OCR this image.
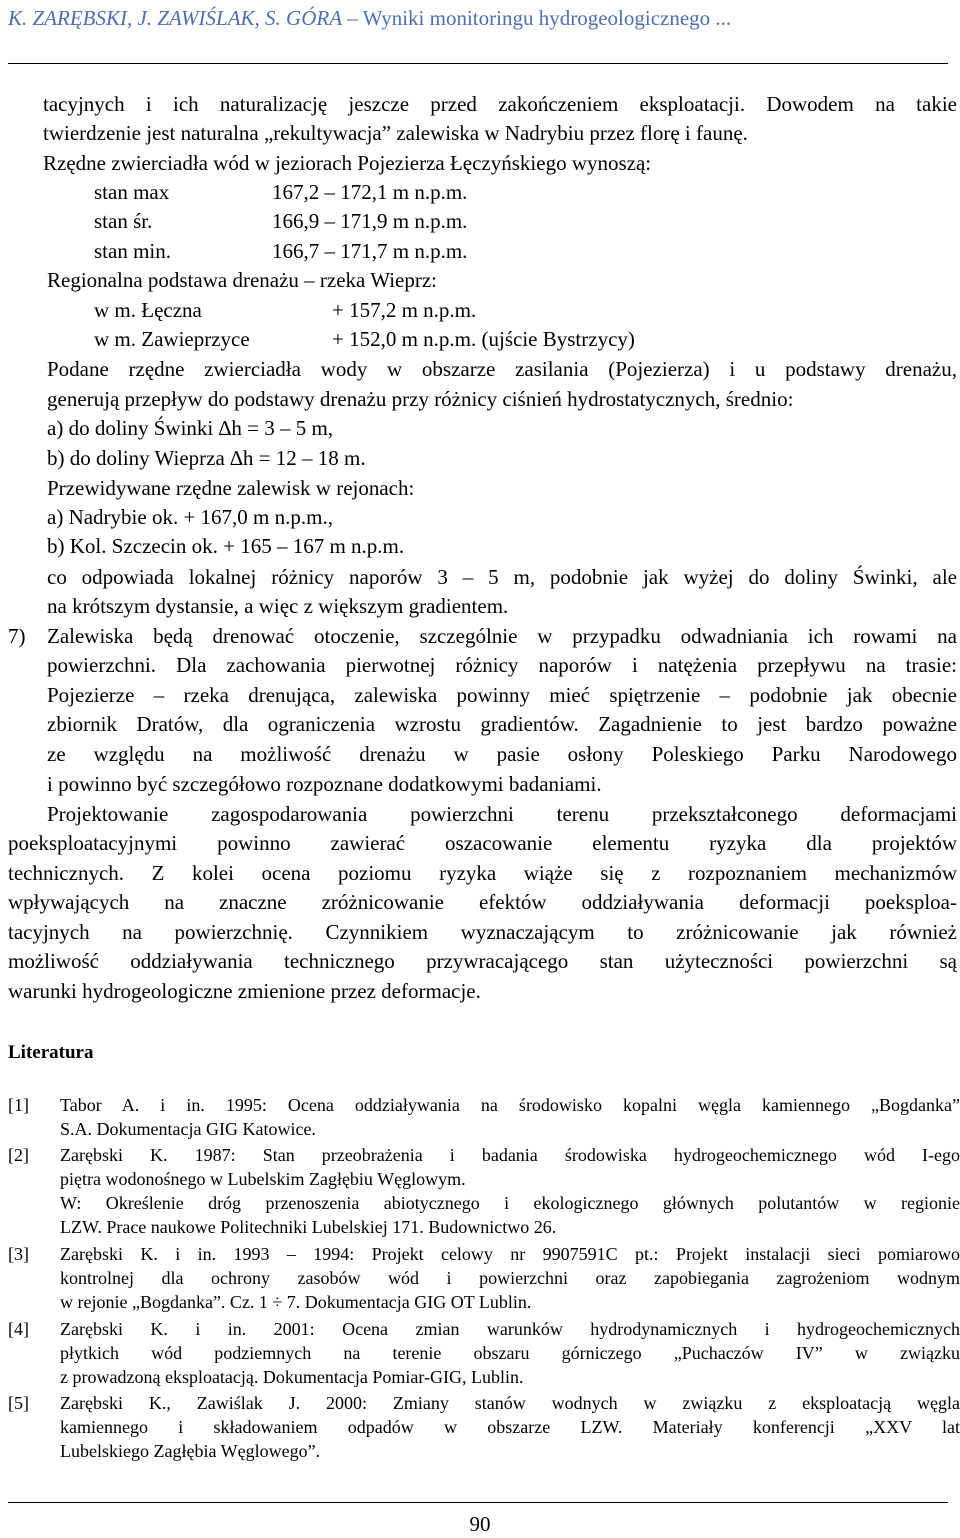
K. ZARĘBSKI, J. ZAWIŚLAK, S. GÓRA – Wyniki monitoringu hydrogeologicznego ...
tacyjnych i ich naturalizację jeszcze przed zakończeniem eksploatacji. Dowodem na takie
twierdzenie jest naturalna „rekultywacja” zalewiska w Nadrybiu przez florę i faunę.
Rzędne zwierciadła wód w jeziorach Pojezierza Łęczyńskiego wynoszą:
stan max	167,2 – 172,1 m n.p.m.
stan śr.	166,9 – 171,9 m n.p.m.
stan min.	166,7 – 171,7 m n.p.m.
Regionalna podstawa drenażu – rzeka Wieprz:
w m. Łęczna	+ 157,2 m n.p.m.
w m. Zawieprzyce	+ 152,0 m n.p.m. (ujście Bystrzycy)
Podane rzędne zwierciadła wody w obszarze zasilania (Pojezierza) i u podstawy drenażu,
generują przepływ do podstawy drenażu przy różnicy ciśnień hydrostatycznych, średnio:
a) do doliny Świnki ∆h = 3 – 5 m,
b) do doliny Wieprza ∆h = 12 – 18 m.
Przewidywane rzędne zalewisk w rejonach:
a) Nadrybie ok. + 167,0 m n.p.m.,
b) Kol. Szczecin ok. + 165 – 167 m n.p.m.
co odpowiada lokalnej różnicy naporów 3 – 5 m, podobnie jak wyżej do doliny Świnki, ale
na krótszym dystansie, a więc z większym gradientem.
7) Zalewiska będą drenować otoczenie, szczególnie w przypadku odwadniania ich rowami na
powierzchni. Dla zachowania pierwotnej różnicy naporów i natężenia przepływu na trasie:
Pojezierze – rzeka drenująca, zalewiska powinny mieć spiętrzenie – podobnie jak obecnie
zbiornik Dratów, dla ograniczenia wzrostu gradientów. Zagadnienie to jest bardzo poważne
ze względu na możliwość drenażu w pasie osłony Poleskiego Parku Narodowego
i powinno być szczegółowo rozpoznane dodatkowymi badaniami.
Projektowanie zagospodarowania powierzchni terenu przekształconego deformacjami
poeksploatacyjnymi powinno zawierać oszacowanie elementu ryzyka dla projektów
technicznych. Z kolei ocena poziomu ryzyka wiąże się z rozpoznaniem mechanizmów
wpływających na znaczne zróżnicowanie efektów oddziaływania deformacji poeksploa-
tacyjnych na powierzchnię. Czynnikiem wyznaczającym to zróżnicowanie jak również
możliwość oddziaływania technicznego przywracającego stan użyteczności powierzchni są
warunki hydrogeologiczne zmienione przez deformacje.
Literatura
[1] Tabor A. i in. 1995: Ocena oddziaływania na środowisko kopalni węgla kamiennego „Bogdanka”
S.A. Dokumentacja GIG Katowice.
[2] Zarębski K. 1987: Stan przeobrażenia i badania środowiska hydrogeochemicznego wód I-ego
piętra wodonośnego w Lubelskim Zagłębiu Węglowym.
W: Określenie dróg przenoszenia abiotycznego i ekologicznego głównych polutantów w regionie
LZW. Prace naukowe Politechniki Lubelskiej 171. Budownictwo 26.
[3] Zarębski K. i in. 1993 – 1994: Projekt celowy nr 9907591C pt.: Projekt instalacji sieci pomiarowo
kontrolnej dla ochrony zasobów wód i powierzchni oraz zapobiegania zagrożeniom wodnym
w rejonie „Bogdanka”. Cz. 1 ÷ 7. Dokumentacja GIG OT Lublin.
[4] Zarębski K. i in. 2001: Ocena zmian warunków hydrodynamicznych i hydrogeochemicznych
płytkich wód podziemnych na terenie obszaru górniczego „Puchaczów IV” w związku
z prowadzoną eksploatacją. Dokumentacja Pomiar-GIG, Lublin.
[5] Zarębski K., Zawiślak J. 2000: Zmiany stanów wodnych w związku z eksploatacją węgla
kamiennego i składowaniem odpadów w obszarze LZW. Materiały konferencji „XXV lat
Lubelskiego Zagłębia Węglowego”.
90
